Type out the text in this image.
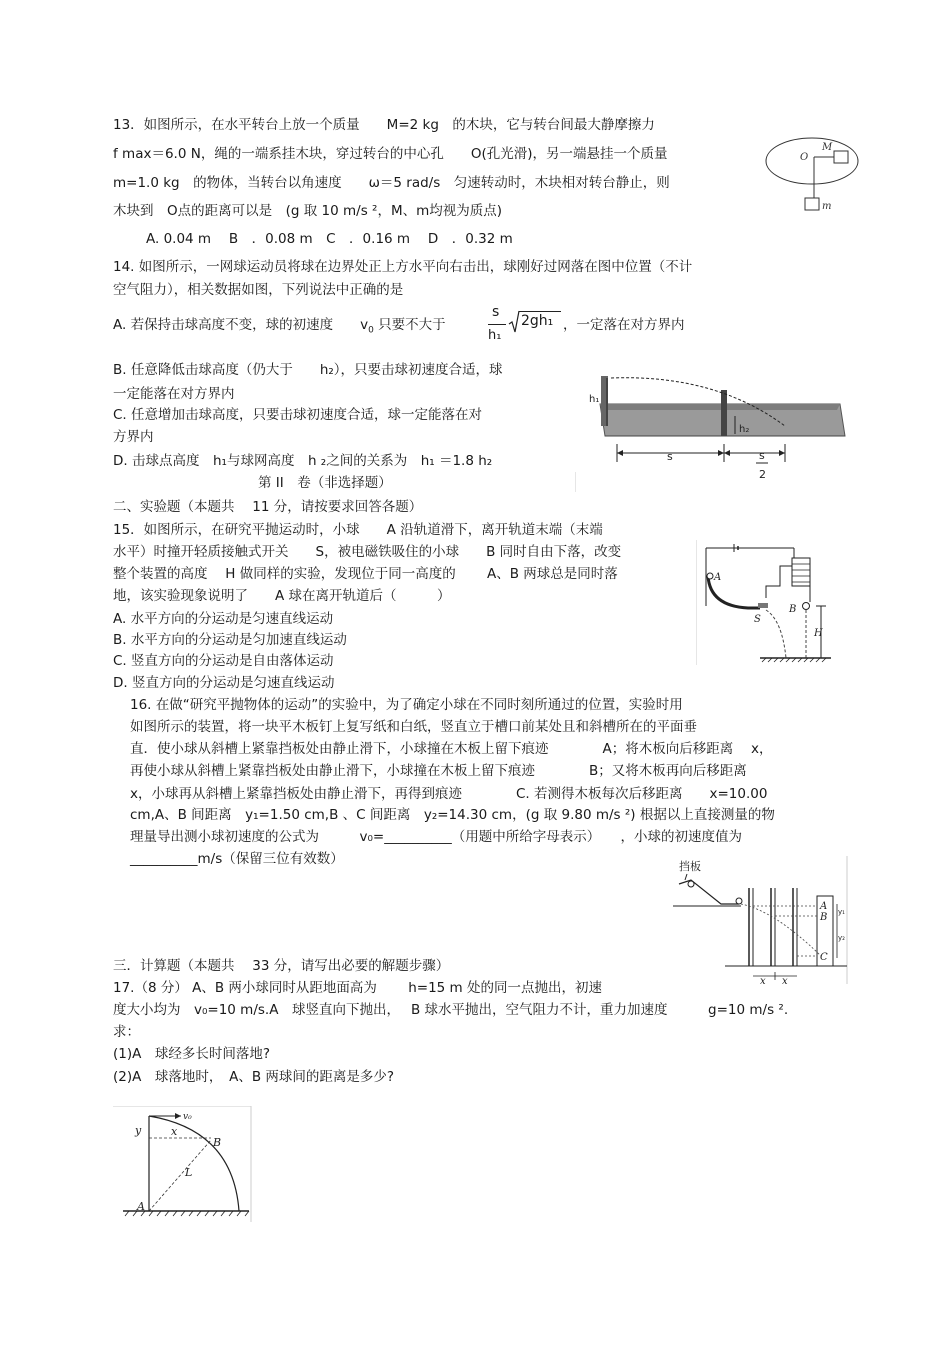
13．如图所示，在水平转台上放一个质量　　M=2 kg　的木块，它与转台间最大静摩擦力
f max＝6.0 N，绳的一端系挂木块，穿过转台的中心孔　　O(孔光滑)，另一端悬挂一个质量
m=1.0 kg　的物体，当转台以角速度　　ω＝5 rad/s　匀速转动时，木块相对转台静止，则
木块到　O点的距离可以是　(g 取 10 m/s ²，M、m均视为质点)
A. 0.04 m　 B　．0.08 m　C　．0.16 m　 D　．0.32 m
O
M
m
14. 如图所示，一网球运动员将球在边界处正上方水平向右击出，球刚好过网落在图中位置（不计
空气阻力），相关数据如图，下列说法中正确的是
A. 若保持击球高度不变，球的初速度　　$v_0$ 只要不大于
s
h₁
2gh₁ ，一定落在对方界内
B. 任意降低击球高度（仍大于　　h₂），只要击球初速度合适，球
一定能落在对方界内
C. 任意增加击球高度，只要击球初速度合适，球一定能落在对
方界内
D. 击球点高度　h₁与球网高度　h ₂之间的关系为　h₁ ＝1.8 h₂
h₁
h₂
s	s
2
第 II　卷（非选择题）
二、实验题（本题共　 11 分，请按要求回答各题）
15．如图所示，在研究平抛运动时，小球　　A 沿轨道滑下，离开轨道末端（末端
水平）时撞开轻质接触式开关　　S，被电磁铁吸住的小球　　B 同时自由下落，改变
整个装置的高度　 H 做同样的实验，发现位于同一高度的　　 A、B 两球总是同时落
地，该实验现象说明了　　A 球在离开轨道后（　　　）
A. 水平方向的分运动是匀速直线运动
B. 水平方向的分运动是匀加速直线运动
C. 竖直方向的分运动是自由落体运动
D. 竖直方向的分运动是匀速直线运动
A
S
B
H
16. 在做“研究平抛物体的运动”的实验中，为了确定小球在不同时刻所通过的位置，实验时用
如图所示的装置，将一块平木板钉上复写纸和白纸，竖直立于槽口前某处且和斜槽所在的平面垂
直．使小球从斜槽上紧靠挡板处由静止滑下，小球撞在木板上留下痕迹　　　　A；将木板向后移距离　 x，
再使小球从斜槽上紧靠挡板处由静止滑下，小球撞在木板上留下痕迹　　　　B；又将木板再向后移距离
x，小球再从斜槽上紧靠挡板处由静止滑下，再得到痕迹　　　　C. 若测得木板每次后移距离　　x=10.00
cm,A、B 间距离　y₁=1.50 cm,B 、C 间距离　y₂=14.30 cm，(g 取 9.80 m/s ²) 根据以上直接测量的物
理量导出测小球初速度的公式为　　　v₀=__________（用题中所给字母表示）　　，小球的初速度值为
__________m/s（保留三位有效数）	挡板
A
B
C
y₁
y₂
x x
三．计算题（本题共　 33 分，请写出必要的解题步骤）
17.（8 分） A、B 两小球同时从距地面高为　　 h=15 m 处的同一点抛出，初速
度大小均为　v₀=10 m/s.A　球竖直向下抛出，　 B 球水平抛出，空气阻力不计，重力加速度　　　g=10 m/s ².
求：
(1)A　球经多长时间落地?
(2)A　球落地时，　A、B 两球间的距离是多少?
v₀
y	x
B
L
A
